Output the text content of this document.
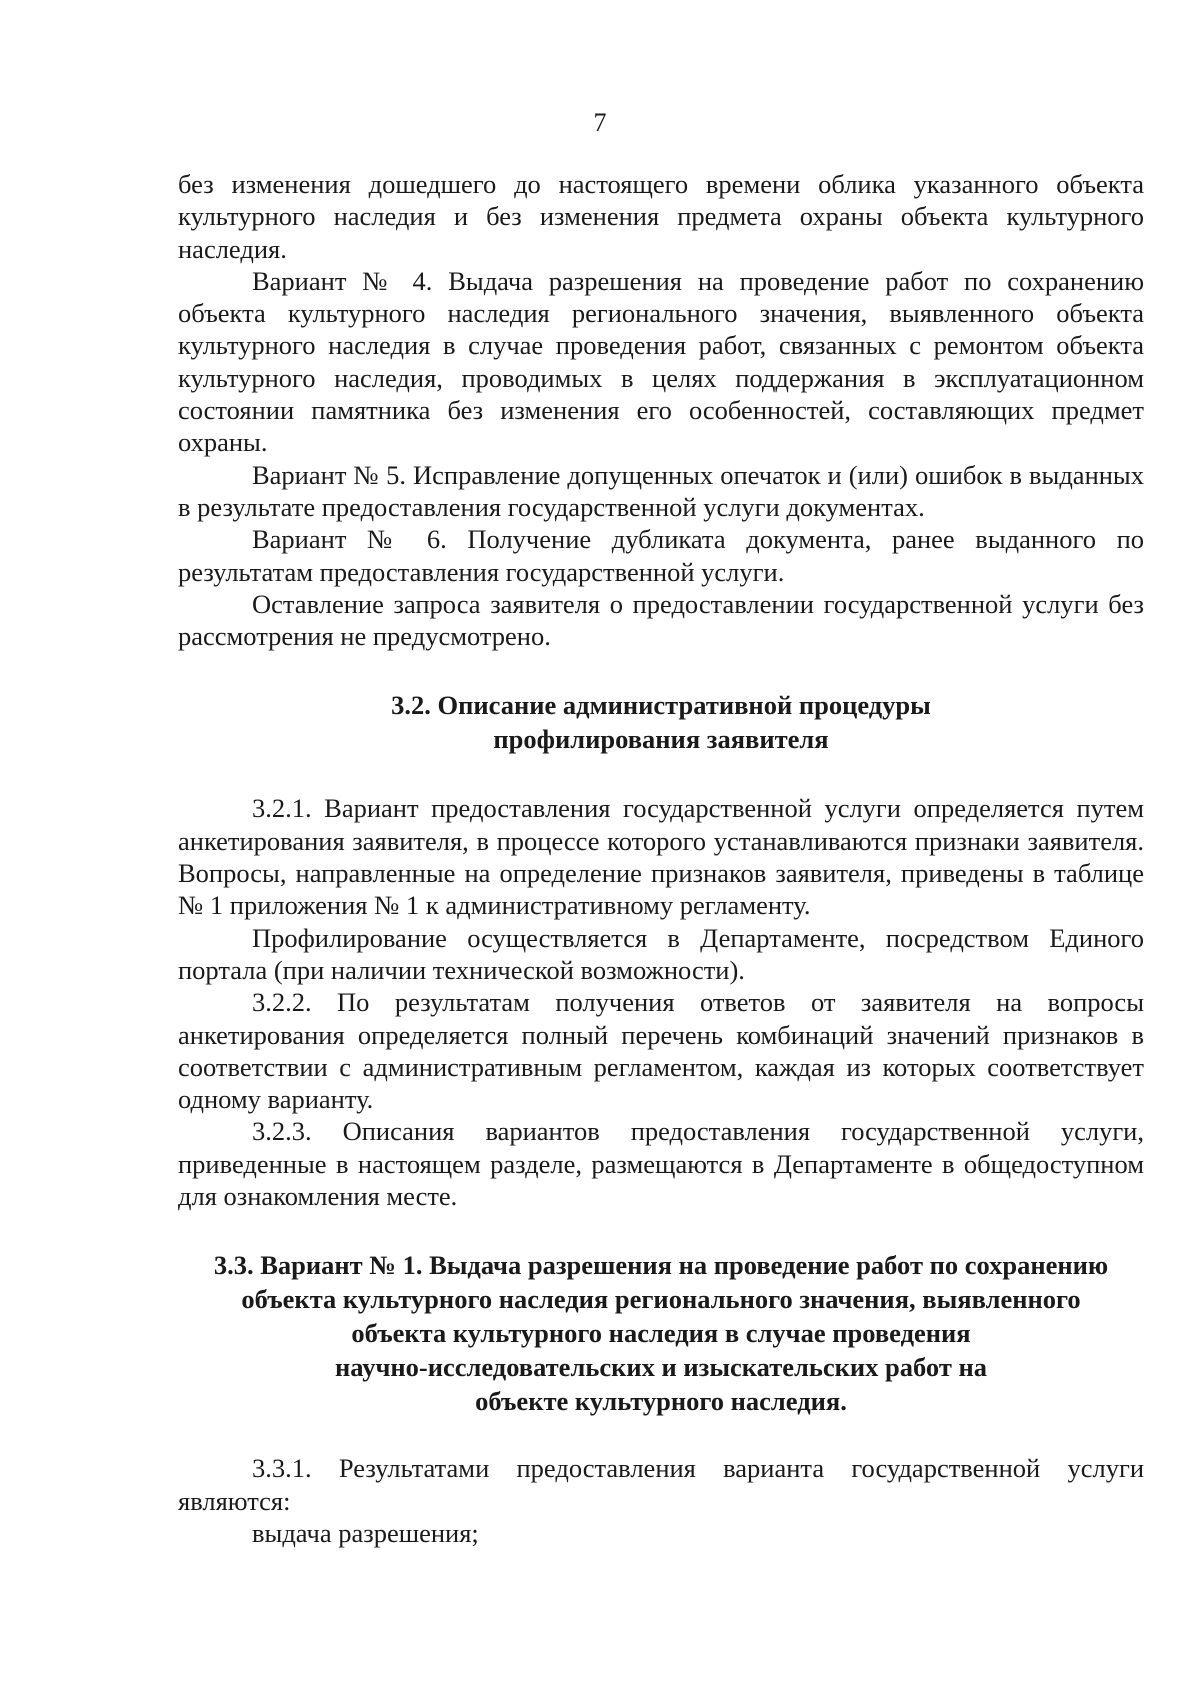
7

без изменения дошедшего до настоящего времени облика указанного объекта культурного наследия и без изменения предмета охраны объекта культурного наследия.

Вариант № 4. Выдача разрешения на проведение работ по сохранению объекта культурного наследия регионального значения, выявленного объекта культурного наследия в случае проведения работ, связанных с ремонтом объекта культурного наследия, проводимых в целях поддержания в эксплуатационном состоянии памятника без изменения его особенностей, составляющих предмет охраны.

Вариант № 5. Исправление допущенных опечаток и (или) ошибок в выданных в результате предоставления государственной услуги документах.

Вариант № 6. Получение дубликата документа, ранее выданного по результатам предоставления государственной услуги.

Оставление запроса заявителя о предоставлении государственной услуги без рассмотрения не предусмотрено.

3.2. Описание административной процедуры
профилирования заявителя

3.2.1. Вариант предоставления государственной услуги определяется путем анкетирования заявителя, в процессе которого устанавливаются признаки заявителя. Вопросы, направленные на определение признаков заявителя, приведены в таблице № 1 приложения № 1 к административному регламенту.

Профилирование осуществляется в Департаменте, посредством Единого портала (при наличии технической возможности).

3.2.2. По результатам получения ответов от заявителя на вопросы анкетирования определяется полный перечень комбинаций значений признаков в соответствии с административным регламентом, каждая из которых соответствует одному варианту.

3.2.3. Описания вариантов предоставления государственной услуги, приведенные в настоящем разделе, размещаются в Департаменте в общедоступном для ознакомления месте.

3.3. Вариант № 1. Выдача разрешения на проведение работ по сохранению
объекта культурного наследия регионального значения, выявленного
объекта культурного наследия в случае проведения
научно-исследовательских и изыскательских работ на
объекте культурного наследия.

3.3.1. Результатами предоставления варианта государственной услуги являются:

выдача разрешения;
